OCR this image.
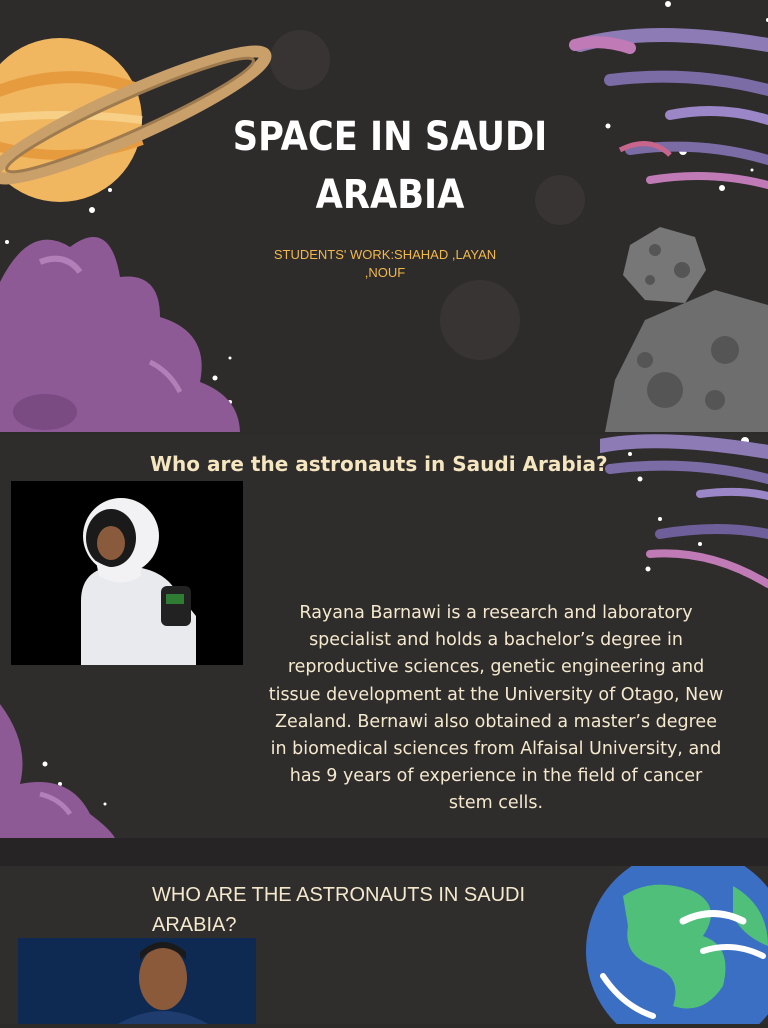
SPACE IN SAUDI
ARABIA
STUDENTS' WORK:SHAHAD ,LAYAN ,NOUF
Who are the astronauts in Saudi Arabia?
Rayana Barnawi is a research and laboratory specialist and holds a bachelor’s degree in reproductive sciences, genetic engineering and tissue development at the University of Otago, New Zealand. Bernawi also obtained a master’s degree in biomedical sciences from Alfaisal University, and has 9 years of experience in the field of cancer stem cells.
WHO ARE THE ASTRONAUTS IN SAUDI ARABIA?
